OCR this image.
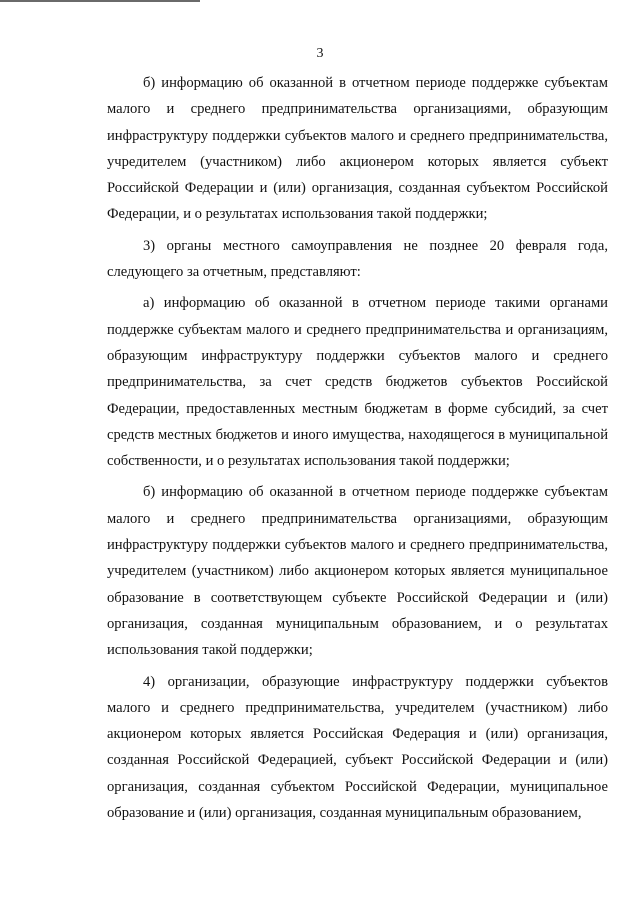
3

б) информацию об оказанной в отчетном периоде поддержке субъектам малого и среднего предпринимательства организациями, образующим инфраструктуру поддержки субъектов малого и среднего предпринимательства, учредителем (участником) либо акционером которых является субъект Российской Федерации и (или) организация, созданная субъектом Российской Федерации, и о результатах использования такой поддержки;

3) органы местного самоуправления не позднее 20 февраля года, следующего за отчетным, представляют:

а) информацию об оказанной в отчетном периоде такими органами поддержке субъектам малого и среднего предпринимательства и организациям, образующим инфраструктуру поддержки субъектов малого и среднего предпринимательства, за счет средств бюджетов субъектов Российской Федерации, предоставленных местным бюджетам в форме субсидий, за счет средств местных бюджетов и иного имущества, находящегося в муниципальной собственности, и о результатах использования такой поддержки;

б) информацию об оказанной в отчетном периоде поддержке субъектам малого и среднего предпринимательства организациями, образующим инфраструктуру поддержки субъектов малого и среднего предпринимательства, учредителем (участником) либо акционером которых является муниципальное образование в соответствующем субъекте Российской Федерации и (или) организация, созданная муниципальным образованием, и о результатах использования такой поддержки;

4) организации, образующие инфраструктуру поддержки субъектов малого и среднего предпринимательства, учредителем (участником) либо акционером которых является Российская Федерация и (или) организация, созданная Российской Федерацией, субъект Российской Федерации и (или) организация, созданная субъектом Российской Федерации, муниципальное образование и (или) организация, созданная муниципальным образованием,
